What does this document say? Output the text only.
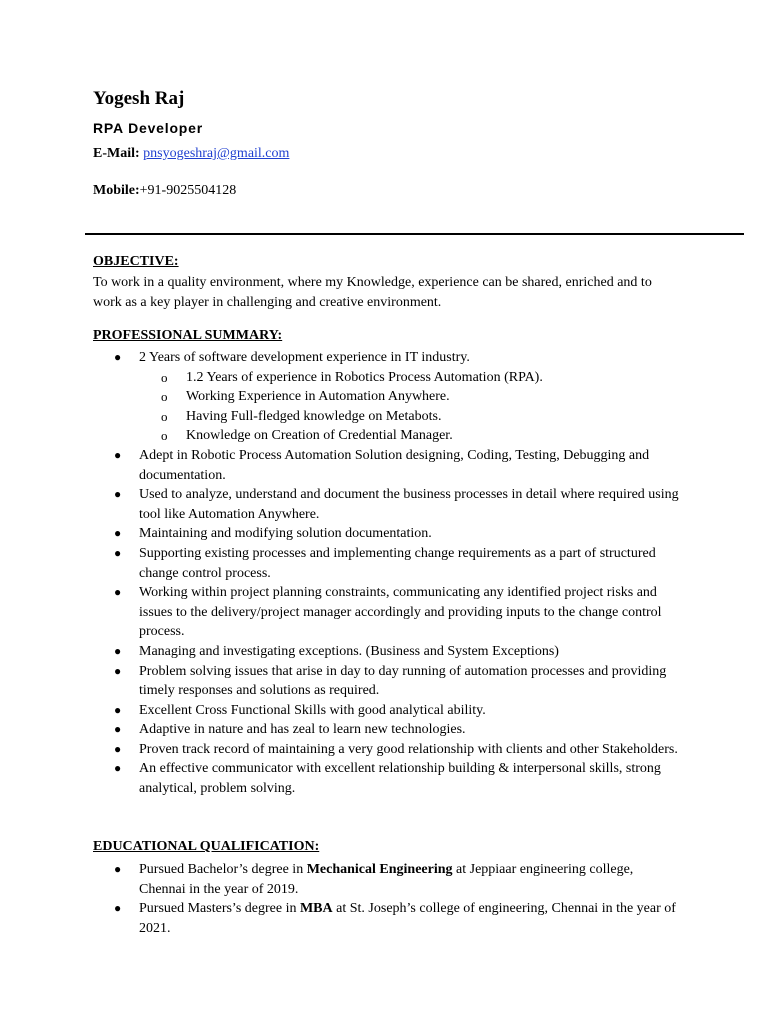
Yogesh Raj
RPA Developer
E-Mail: pnsyogeshraj@gmail.com
Mobile:+91-9025504128

OBJECTIVE:

To work in a quality environment, where my Knowledge, experience can be shared, enriched and to work as a key player in challenging and creative environment.

PROFESSIONAL SUMMARY:

● 2 Years of software development experience in IT industry.
o 1.2 Years of experience in Robotics Process Automation (RPA).
o Working Experience in Automation Anywhere.
o Having Full-fledged knowledge on Metabots.
o Knowledge on Creation of Credential Manager.
● Adept in Robotic Process Automation Solution designing, Coding, Testing, Debugging and documentation.
● Used to analyze, understand and document the business processes in detail where required using tool like Automation Anywhere.
● Maintaining and modifying solution documentation.
● Supporting existing processes and implementing change requirements as a part of structured change control process.
● Working within project planning constraints, communicating any identified project risks and issues to the delivery/project manager accordingly and providing inputs to the change control process.
● Managing and investigating exceptions. (Business and System Exceptions)
● Problem solving issues that arise in day to day running of automation processes and providing timely responses and solutions as required.
● Excellent Cross Functional Skills with good analytical ability.
● Adaptive in nature and has zeal to learn new technologies.
● Proven track record of maintaining a very good relationship with clients and other Stakeholders.
● An effective communicator with excellent relationship building & interpersonal skills, strong analytical, problem solving.

EDUCATIONAL QUALIFICATION:

● Pursued Bachelor’s degree in Mechanical Engineering at Jeppiaar engineering college, Chennai in the year of 2019.
● Pursued Masters’s degree in MBA at St. Joseph’s college of engineering, Chennai in the year of 2021.
